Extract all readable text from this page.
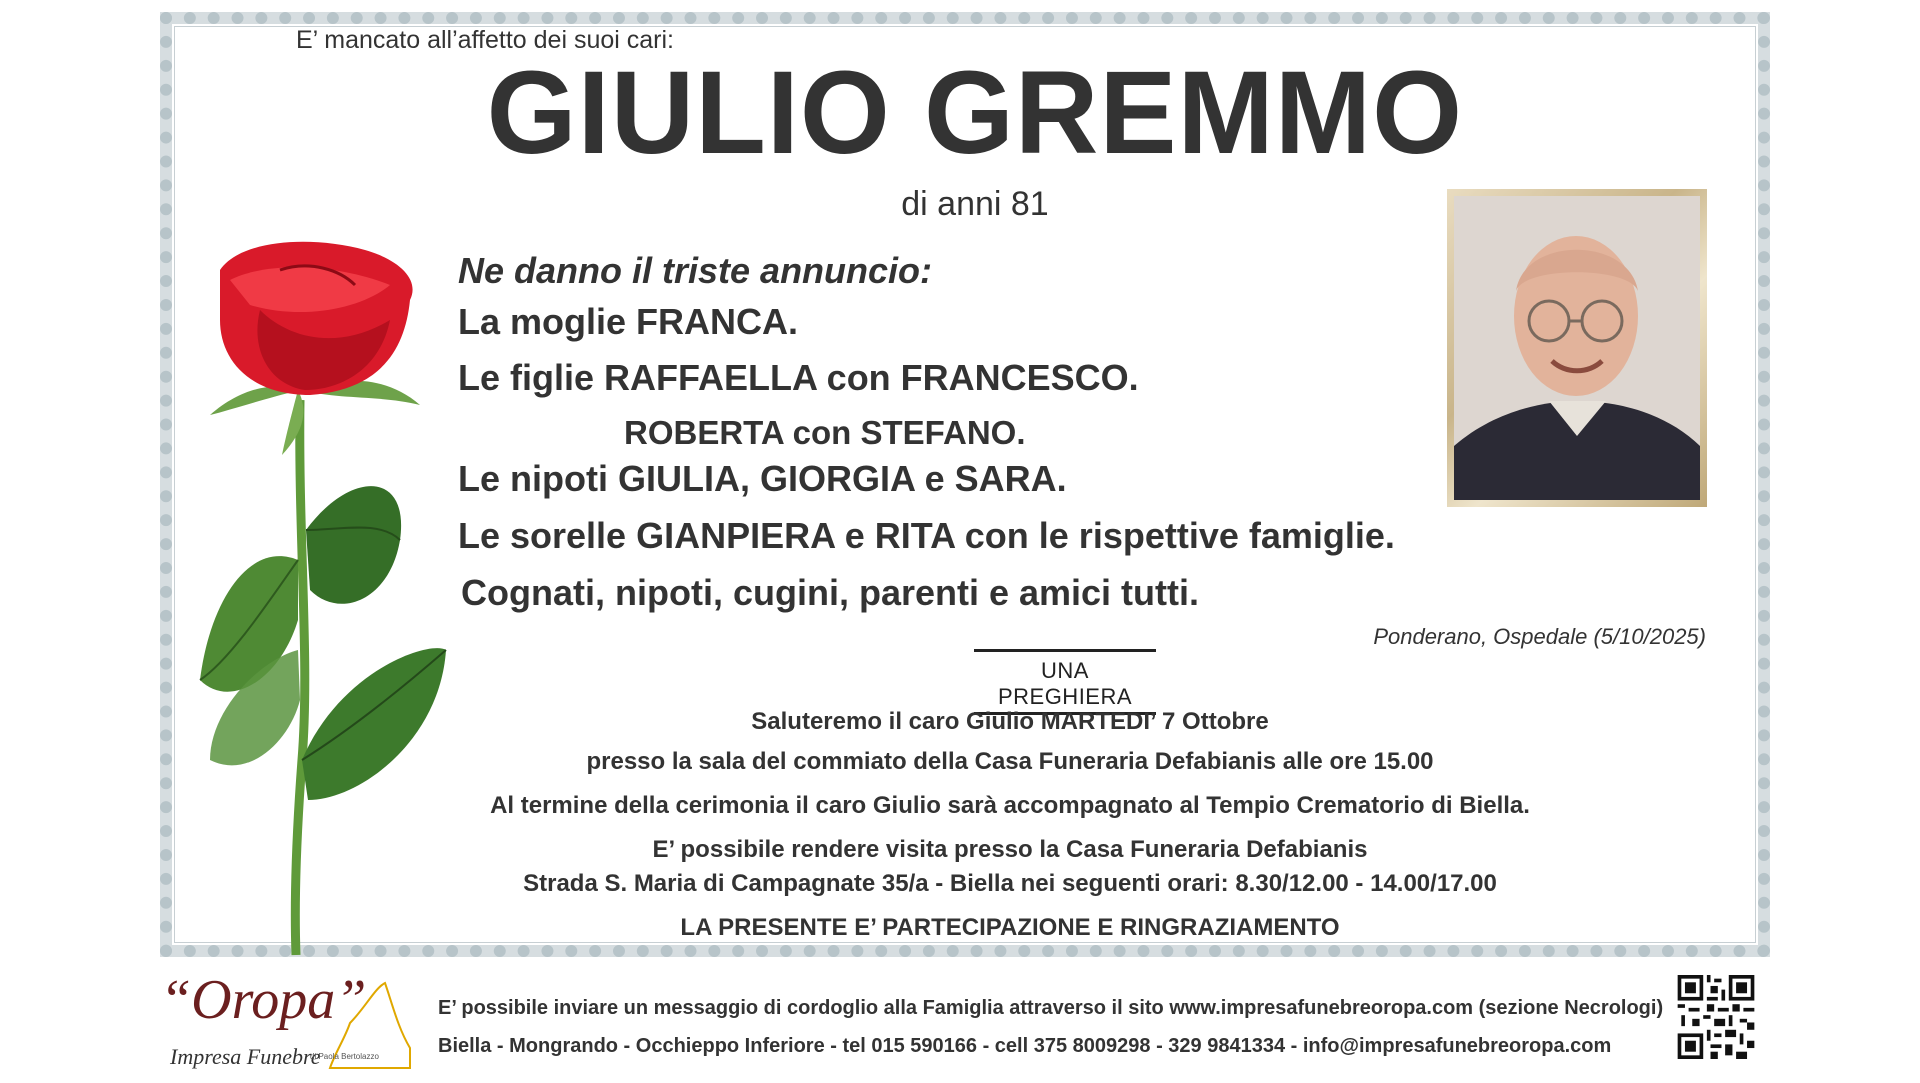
E’ mancato all’affetto dei suoi cari:
GIULIO GREMMO
di anni 81
Ne danno il triste annuncio:
La moglie FRANCA.
Le figlie RAFFAELLA con FRANCESCO.
ROBERTA con STEFANO.
Le nipoti GIULIA, GIORGIA e SARA.
Le sorelle GIANPIERA e RITA con le rispettive famiglie.
Cognati, nipoti, cugini, parenti e amici tutti.
Ponderano, Ospedale (5/10/2025)
UNA PREGHIERA
Saluteremo il caro Giulio MARTEDI’ 7 Ottobre
presso la sala del commiato della Casa Funeraria Defabianis alle ore 15.00
Al termine della cerimonia il caro Giulio sarà accompagnato al Tempio Crematorio di Biella.
E’ possibile rendere visita presso la Casa Funeraria Defabianis
Strada S. Maria di Campagnate 35/a - Biella nei seguenti orari: 8.30/12.00 - 14.00/17.00
LA PRESENTE E’ PARTECIPAZIONE E RINGRAZIAMENTO
“Oropa”
Impresa Funebre
di Paola Bertolazzo
E’ possibile inviare un messaggio di cordoglio alla Famiglia attraverso il sito www.impresafunebreoropa.com (sezione Necrologi)
Biella - Mongrando - Occhieppo Inferiore - tel 015 590166 - cell 375 8009298 - 329 9841334 - info@impresafunebreoropa.com
